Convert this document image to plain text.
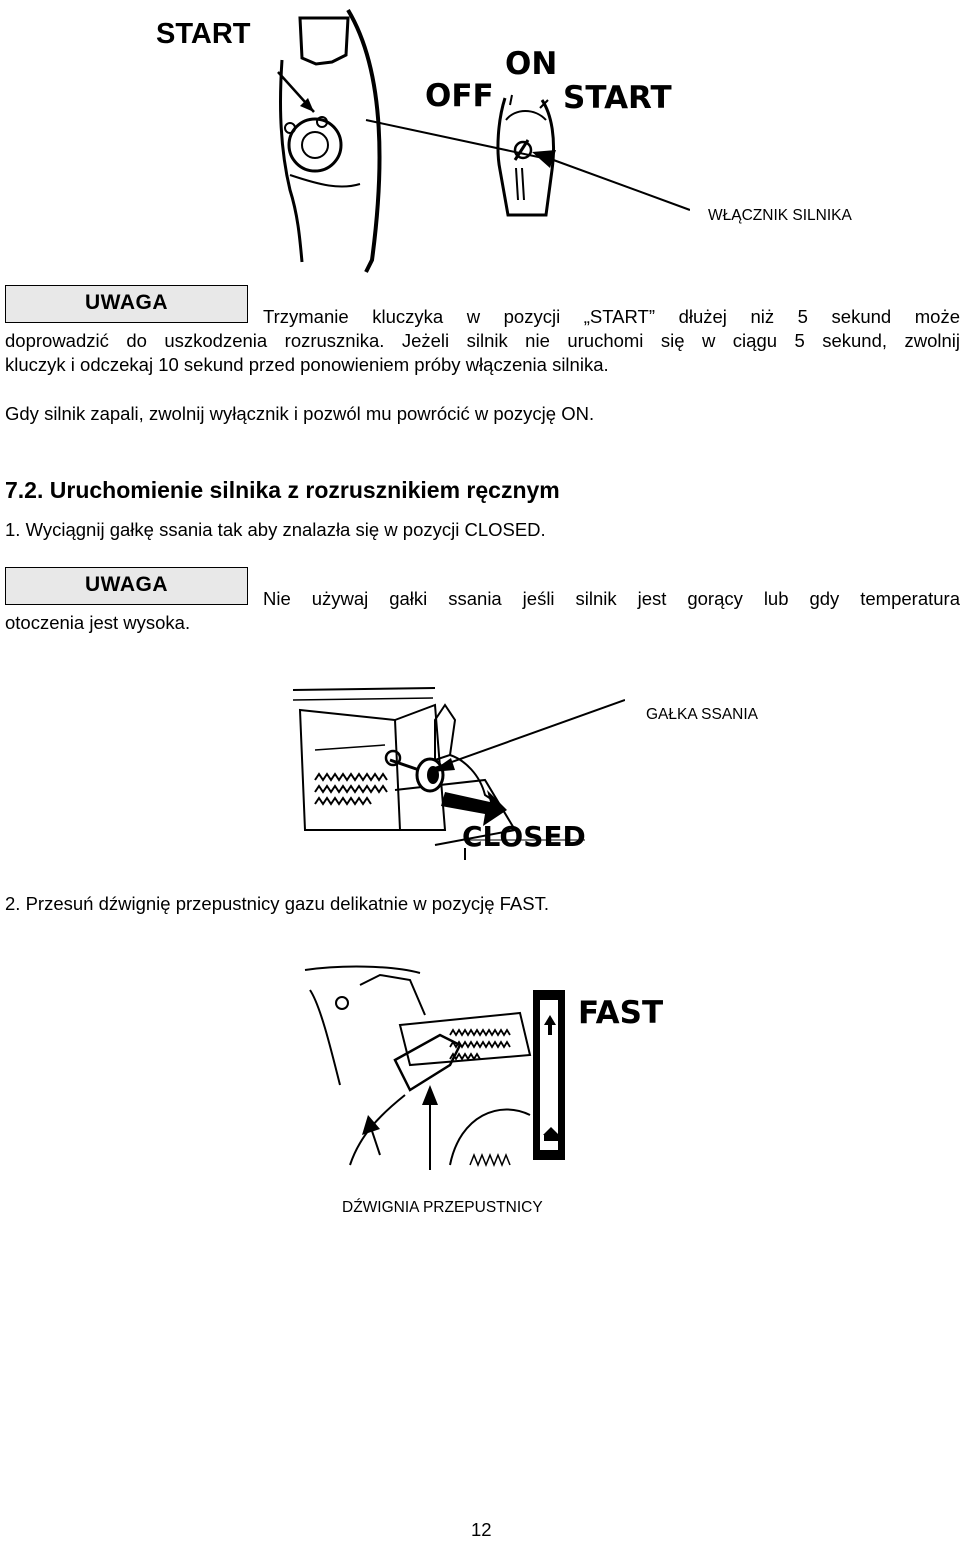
START
OFF
ON
START
WŁĄCZNIK SILNIKA
UWAGA
Trzymanie kluczyka w pozycji „START” dłużej niż 5 sekund może
doprowadzić do uszkodzenia rozrusznika. Jeżeli silnik nie uruchomi się w ciągu 5 sekund, zwolnij
kluczyk i odczekaj 10 sekund przed ponowieniem próby włączenia silnika.
Gdy silnik zapali, zwolnij wyłącznik i pozwól mu powrócić w pozycję ON.
7.2. Uruchomienie silnika z rozrusznikiem ręcznym
1. Wyciągnij gałkę ssania tak aby znalazła się w pozycji CLOSED.
UWAGA
Nie używaj gałki ssania jeśli silnik jest gorący lub gdy temperatura
otoczenia jest wysoka.
GAŁKA SSANIA
CLOSED
2. Przesuń dźwignię przepustnicy gazu delikatnie w pozycję FAST.
FAST
DŹWIGNIA PRZEPUSTNICY
12
